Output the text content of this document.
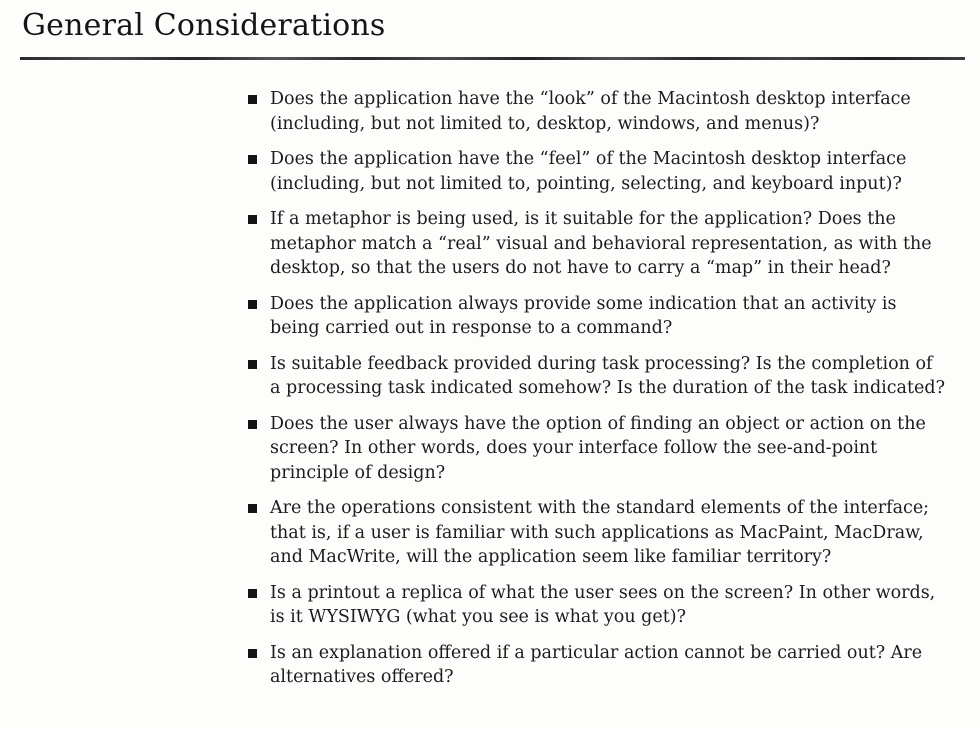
General Considerations
Does the application have the “look” of the Macintosh desktop interface (including, but not limited to, desktop, windows, and menus)?
Does the application have the “feel” of the Macintosh desktop interface (including, but not limited to, pointing, selecting, and keyboard input)?
If a metaphor is being used, is it suitable for the application? Does the metaphor match a “real” visual and behavioral representation, as with the desktop, so that the users do not have to carry a “map” in their head?
Does the application always provide some indication that an activity is being carried out in response to a command?
Is suitable feedback provided during task processing? Is the completion of a processing task indicated somehow? Is the duration of the task indicated?
Does the user always have the option of finding an object or action on the screen? In other words, does your interface follow the see-and-point principle of design?
Are the operations consistent with the standard elements of the interface; that is, if a user is familiar with such applications as MacPaint, MacDraw, and MacWrite, will the application seem like familiar territory?
Is a printout a replica of what the user sees on the screen? In other words, is it WYSIWYG (what you see is what you get)?
Is an explanation offered if a particular action cannot be carried out? Are alternatives offered?
